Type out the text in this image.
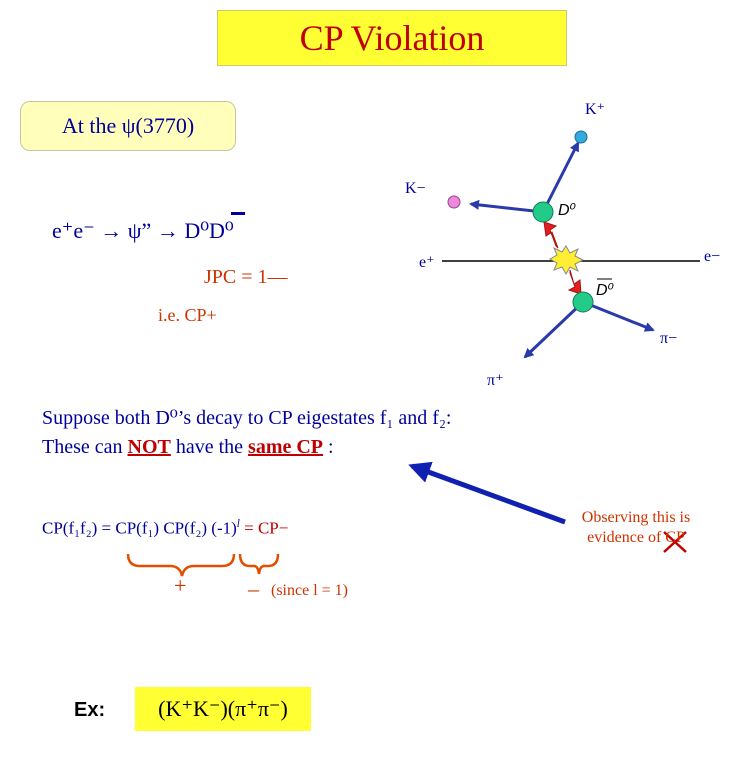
CP Violation
At the ψ(3770)
e⁺e⁻ → ψ” → D⁰D⁰
JPC = 1—
i.e. CP+
K⁺
K−
e⁺	e−
π−
π⁺
D⁰
D⁰
Suppose both D⁰’s decay to CP eigestates f₁ and f₂:
These can NOT have the same CP :
CP(f₁f₂) = CP(f₁) CP(f₂) $(-1)^l = CP-$
+	– (since l = 1)
Observing this is evidence of CP
Ex: (K⁺K⁻)(π⁺π⁻)
